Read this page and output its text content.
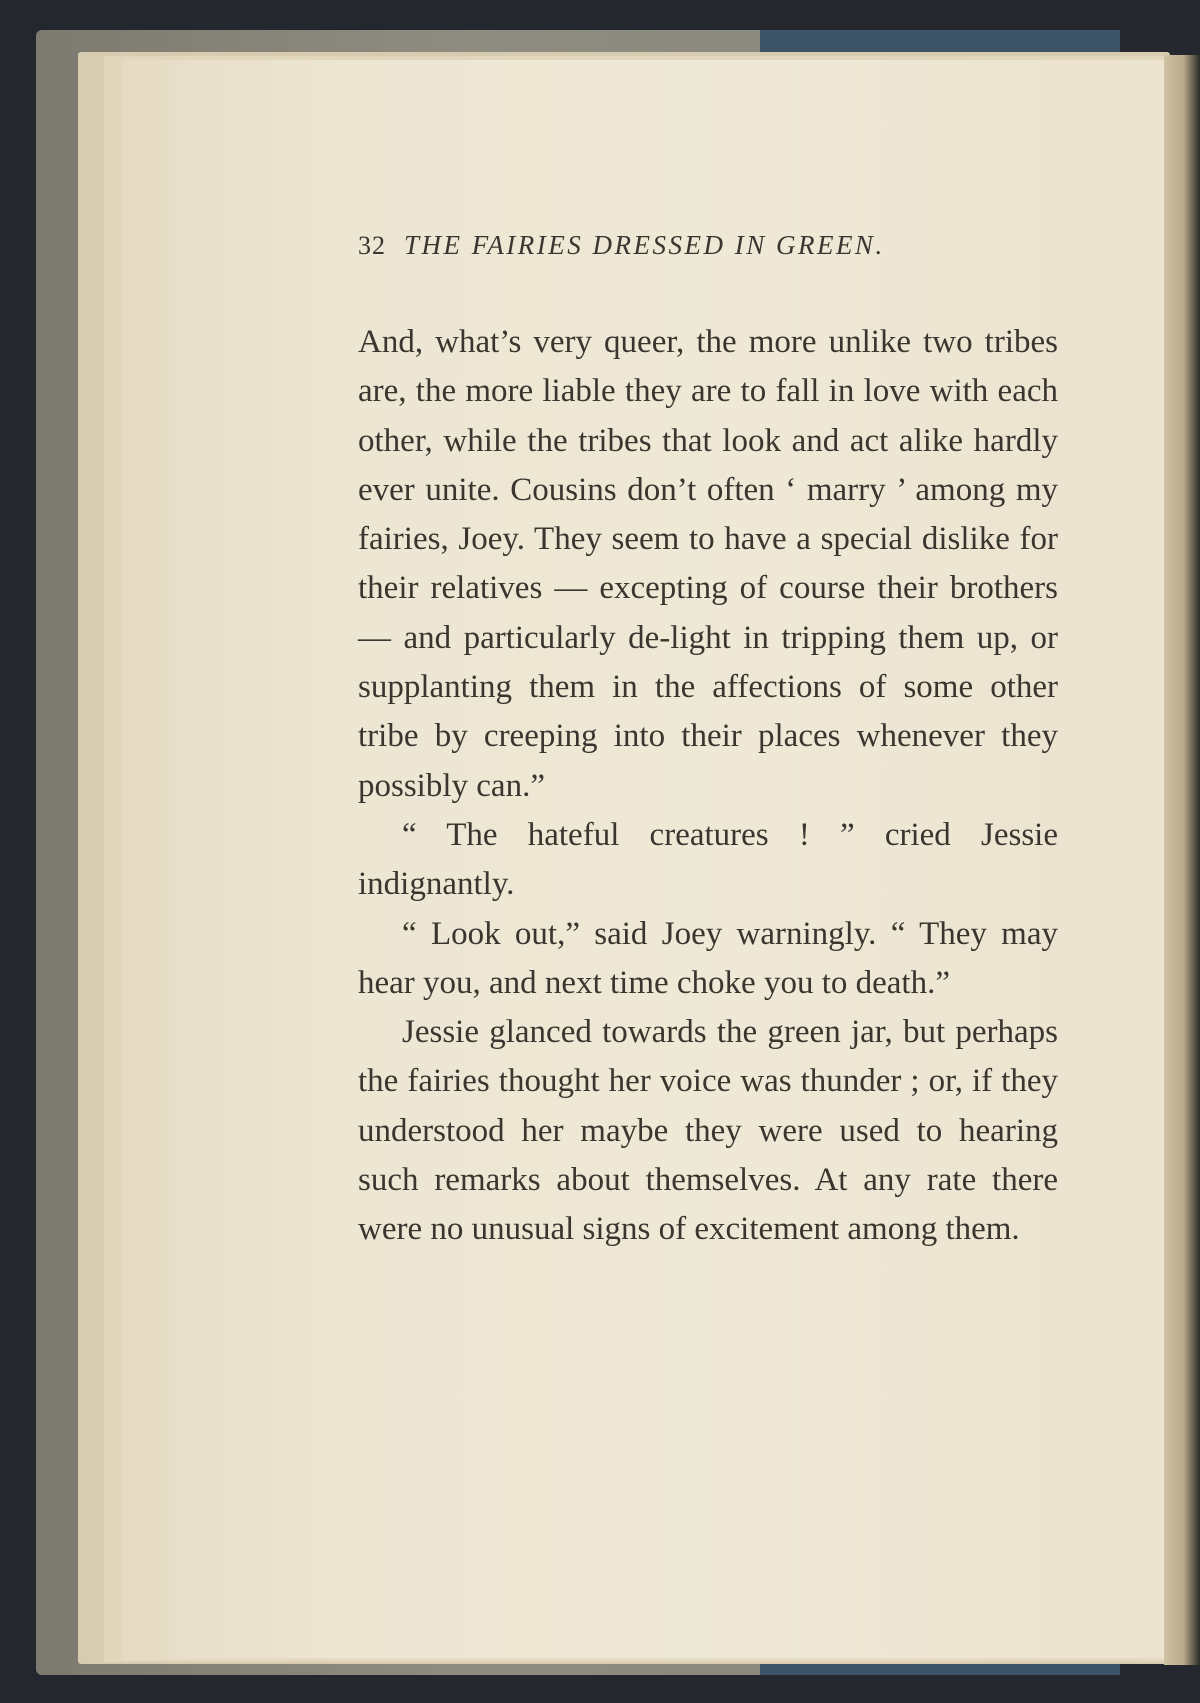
32 THE FAIRIES DRESSED IN GREEN.

And, what’s very queer, the more unlike two tribes are, the more liable they are to fall in love with each other, while the tribes that look and act alike hardly ever unite. Cousins don’t often ‘ marry ’ among my fairies, Joey. They seem to have a special dislike for their relatives — excepting of course their brothers — and particularly de-light in tripping them up, or supplanting them in the affections of some other tribe by creeping into their places whenever they possibly can.”

“ The hateful creatures ! ” cried Jessie indignantly.

“ Look out,” said Joey warningly. “ They may hear you, and next time choke you to death.”

Jessie glanced towards the green jar, but perhaps the fairies thought her voice was thunder ; or, if they understood her maybe they were used to hearing such remarks about themselves. At any rate there were no unusual signs of excitement among them.
